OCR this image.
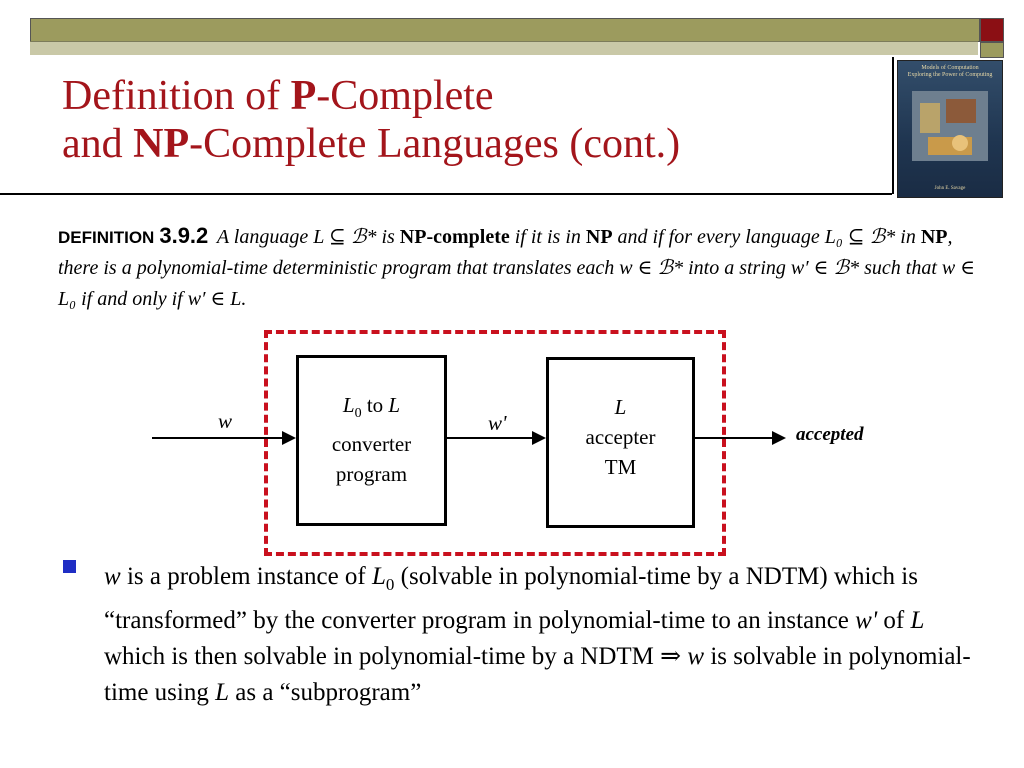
Definition of P-Complete
and NP-Complete Languages (cont.)
Models of Computation
Exploring the Power of Computing
John E. Savage
DEFINITION 3.9.2 A language L ⊆ ℬ* is NP-complete if it is in NP and if for every language L₀ ⊆ ℬ* in NP, there is a polynomial-time deterministic program that translates each w ∈ ℬ* into a string w′ ∈ ℬ* such that w ∈ L₀ if and only if w′ ∈ L.
w
$L_0$ to L
converter
program
w'
L
accepter
TM
accepted
w is a problem instance of $L_0$ (solvable in polynomial-time by a NDTM) which is “transformed” by the converter program in polynomial-time to an instance w' of L which is then solvable in polynomial-time by a NDTM ⇒ w is solvable in polynomial-time using L as a “subprogram”
